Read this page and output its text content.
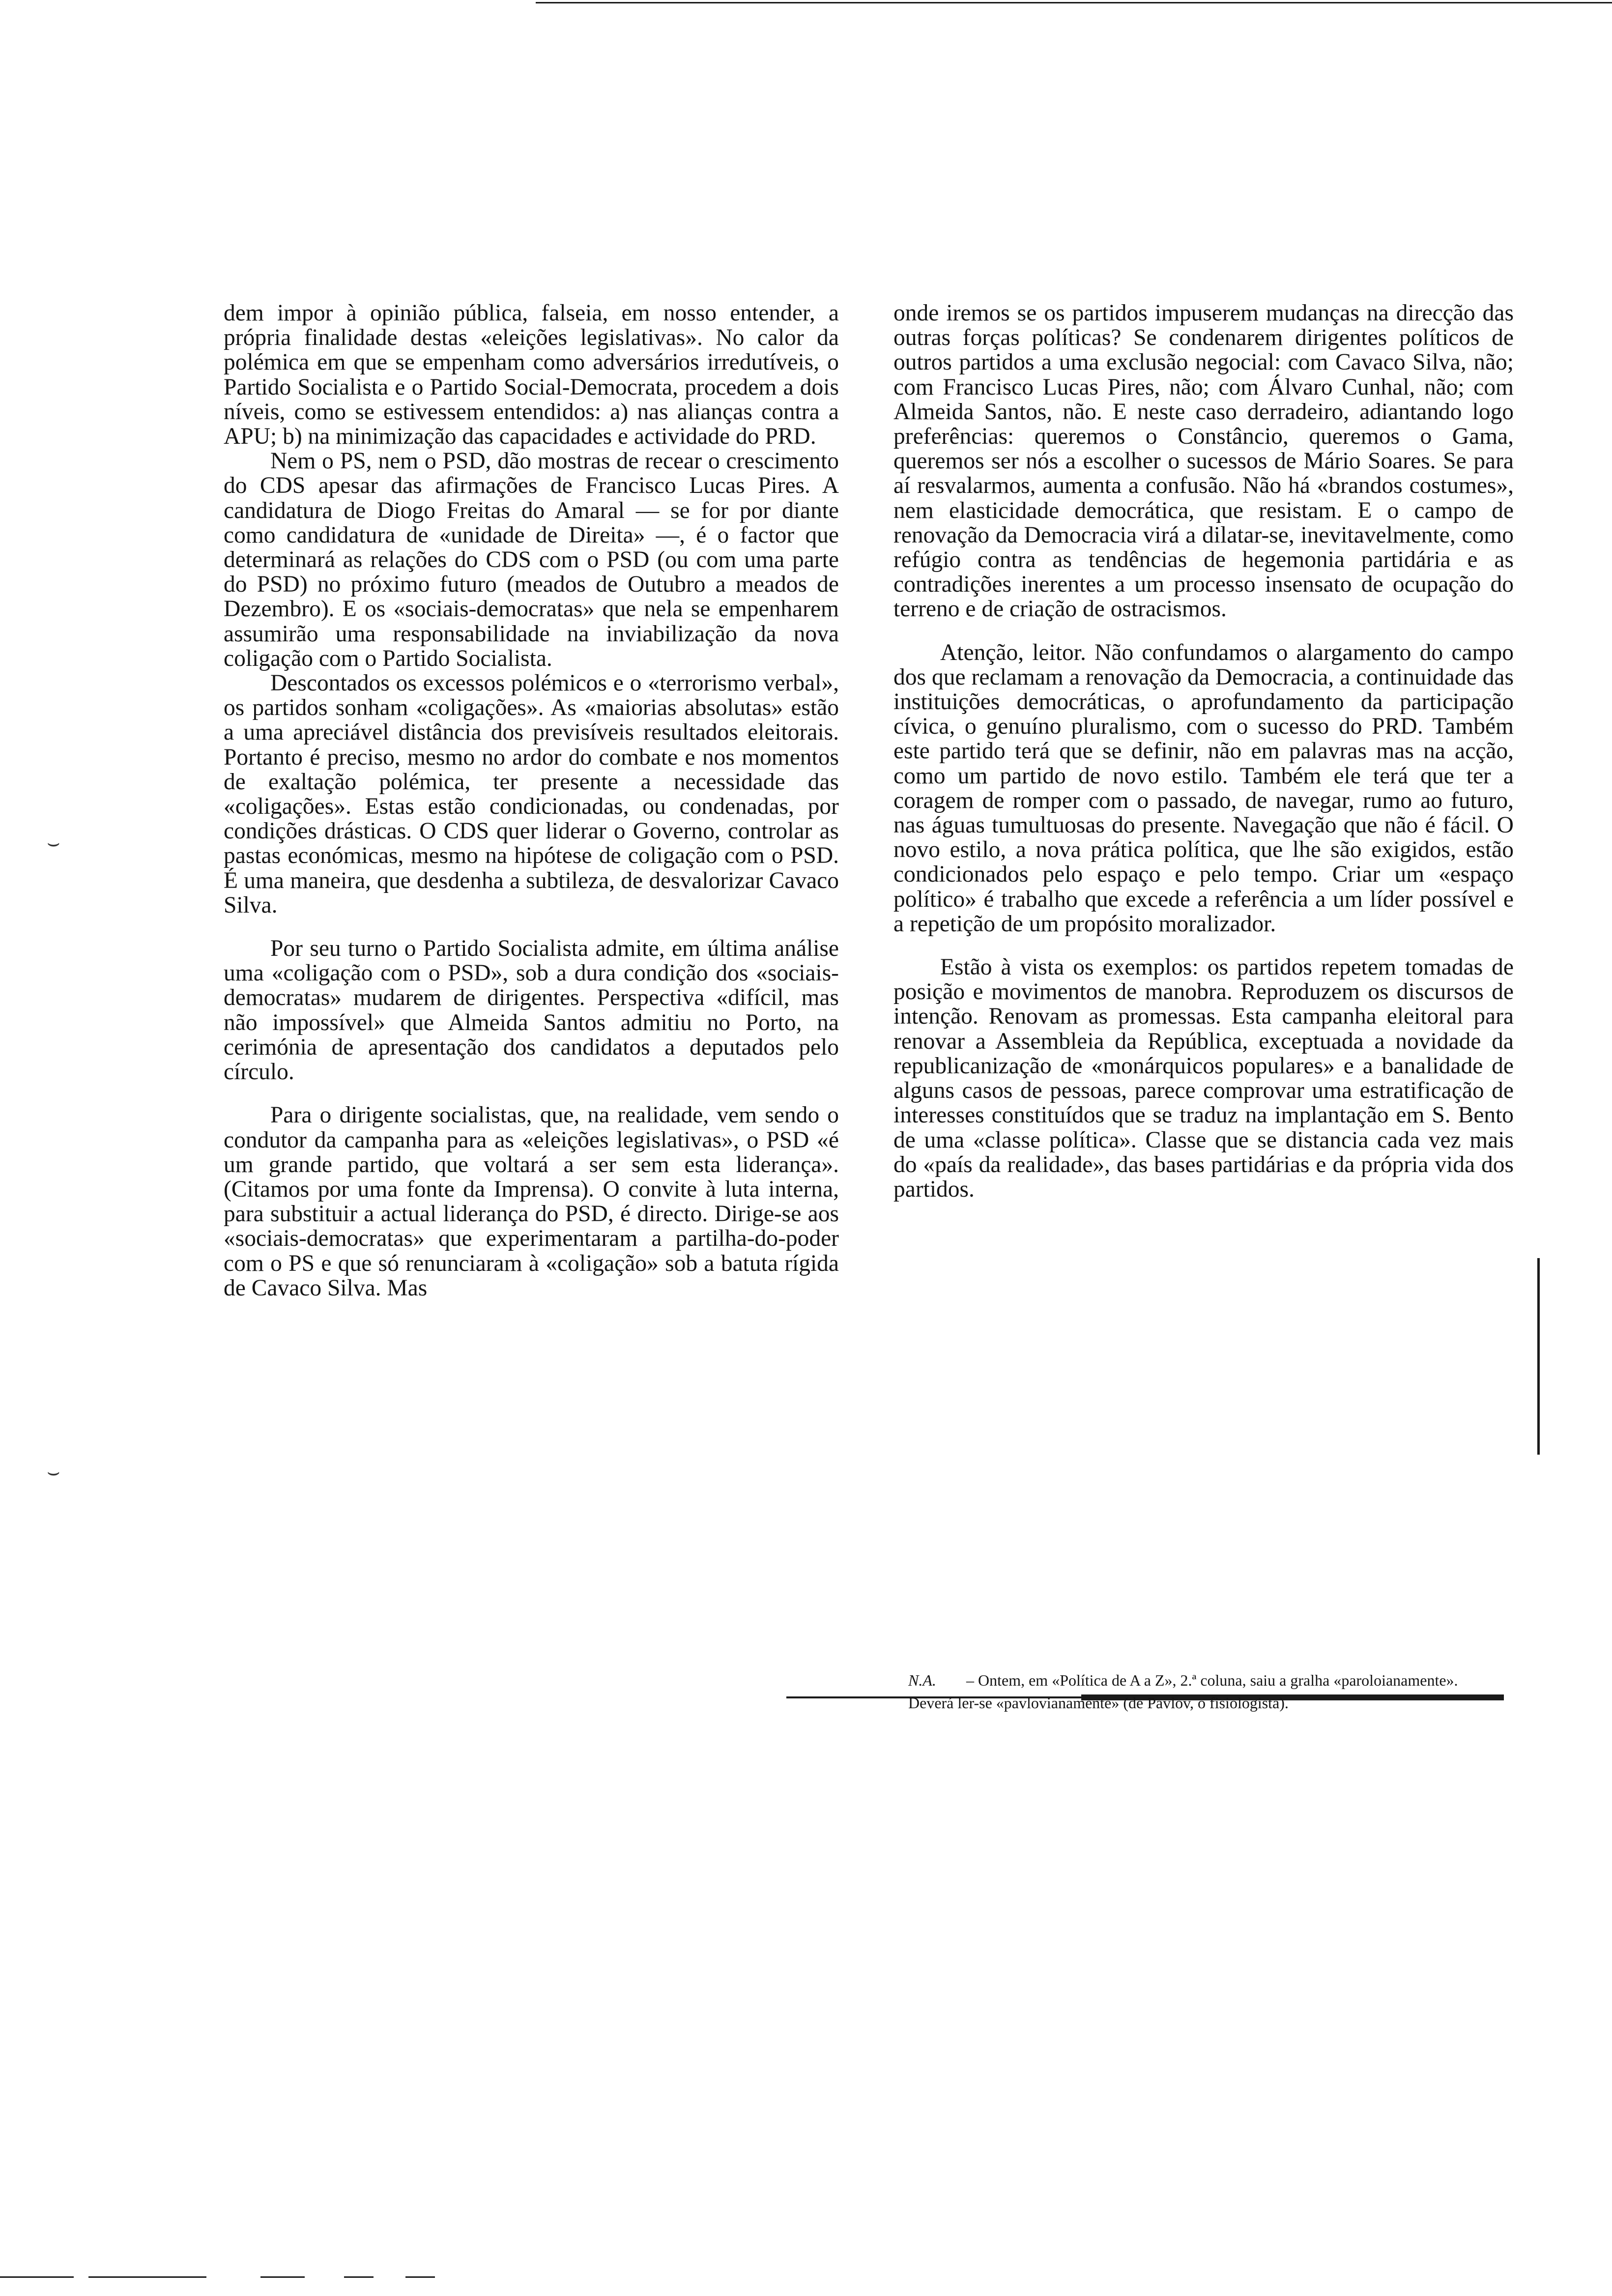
⌣
⌣

dem impor à opinião pública, falseia, em nosso entender, a própria finalidade destas «eleições legislativas». No calor da polémica em que se empenham como adversários irredutíveis, o Partido Socialista e o Partido Social-Democrata, procedem a dois níveis, como se estivessem entendidos: a) nas alianças contra a APU; b) na minimização das capacidades e actividade do PRD.

Nem o PS, nem o PSD, dão mostras de recear o crescimento do CDS apesar das afirmações de Francisco Lucas Pires. A candidatura de Diogo Freitas do Amaral — se for por diante como candidatura de «unidade de Direita» —, é o factor que determinará as relações do CDS com o PSD (ou com uma parte do PSD) no próximo futuro (meados de Outubro a meados de Dezembro). E os «sociais-democratas» que nela se empenharem assumirão uma responsabilidade na inviabilização da nova coligação com o Partido Socialista.

Descontados os excessos polémicos e o «terrorismo verbal», os partidos sonham «coligações». As «maiorias absolutas» estão a uma apreciável distância dos previsíveis resultados eleitorais. Portanto é preciso, mesmo no ardor do combate e nos momentos de exaltação polémica, ter presente a necessidade das «coligações». Estas estão condicionadas, ou condenadas, por condições drásticas. O CDS quer liderar o Governo, controlar as pastas económicas, mesmo na hipótese de coligação com o PSD. É uma maneira, que desdenha a subtileza, de desvalorizar Cavaco Silva.

Por seu turno o Partido Socialista admite, em última análise uma «coligação com o PSD», sob a dura condição dos «sociais-democratas» mudarem de dirigentes. Perspectiva «difícil, mas não impossível» que Almeida Santos admitiu no Porto, na cerimónia de apresentação dos candidatos a deputados pelo círculo.

Para o dirigente socialistas, que, na realidade, vem sendo o condutor da campanha para as «eleições legislativas», o PSD «é um grande partido, que voltará a ser sem esta liderança». (Citamos por uma fonte da Imprensa). O convite à luta interna, para substituir a actual liderança do PSD, é directo. Dirige-se aos «sociais-democratas» que experimentaram a partilha-do-poder com o PS e que só renunciaram à «coligação» sob a batuta rígida de Cavaco Silva. Mas

onde iremos se os partidos impuserem mudanças na direcção das outras forças políticas? Se condenarem dirigentes políticos de outros partidos a uma exclusão negocial: com Cavaco Silva, não; com Francisco Lucas Pires, não; com Álvaro Cunhal, não; com Almeida Santos, não. E neste caso derradeiro, adiantando logo preferências: queremos o Constâncio, queremos o Gama, queremos ser nós a escolher o sucessos de Mário Soares. Se para aí resvalarmos, aumenta a confusão. Não há «brandos costumes», nem elasticidade democrática, que resistam. E o campo de renovação da Democracia virá a dilatar-se, inevitavelmente, como refúgio contra as tendências de hegemonia partidária e as contradições inerentes a um processo insensato de ocupação do terreno e de criação de ostracismos.

Atenção, leitor. Não confundamos o alargamento do campo dos que reclamam a renovação da Democracia, a continuidade das instituições democráticas, o aprofundamento da participação cívica, o genuíno pluralismo, com o sucesso do PRD. Também este partido terá que se definir, não em palavras mas na acção, como um partido de novo estilo. Também ele terá que ter a coragem de romper com o passado, de navegar, rumo ao futuro, nas águas tumultuosas do presente. Navegação que não é fácil. O novo estilo, a nova prática política, que lhe são exigidos, estão condicionados pelo espaço e pelo tempo. Criar um «espaço político» é trabalho que excede a referência a um líder possível e a repetição de um propósito moralizador.

Estão à vista os exemplos: os partidos repetem tomadas de posição e movimentos de manobra. Reproduzem os discursos de intenção. Renovam as promessas. Esta campanha eleitoral para renovar a Assembleia da República, exceptuada a novidade da republicanização de «monárquicos populares» e a banalidade de alguns casos de pessoas, parece comprovar uma estratificação de interesses constituídos que se traduz na implantação em S. Bento de uma «classe política». Classe que se distancia cada vez mais do «país da realidade», das bases partidárias e da própria vida dos partidos.

N.A. – Ontem, em «Política de A a Z», 2.ª coluna, saiu a gralha «paroloianamente». Deverá ler-se «pavlovianamente» (de Pavlov, o fisiologista).
